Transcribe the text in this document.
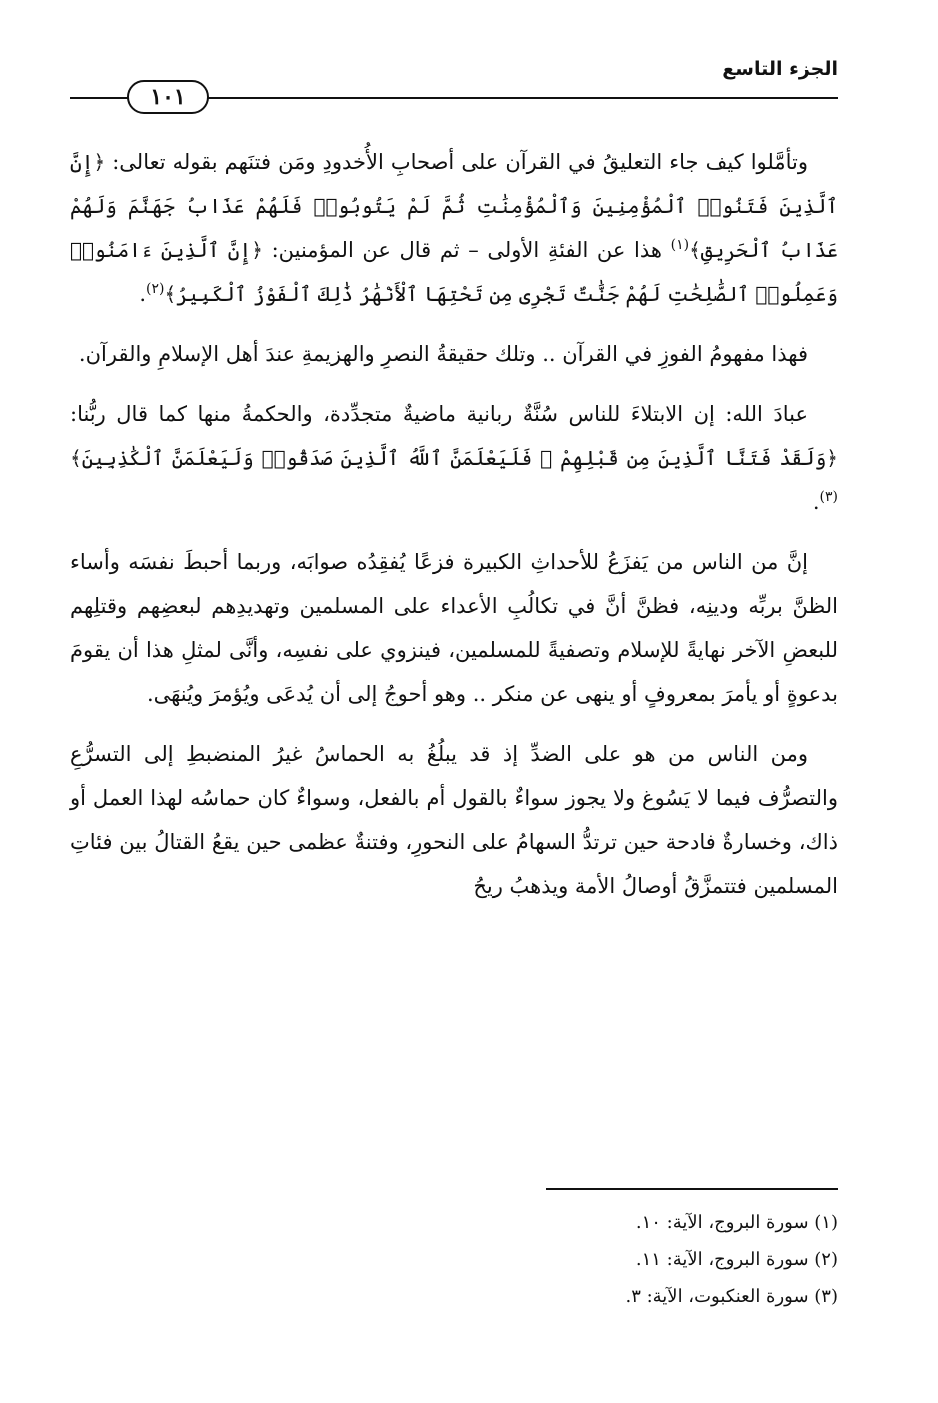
الجزء التاسع
١٠١

وتأمَّلوا كيف جاء التعليقُ في القرآن على أصحابِ الأُخدودِ ومَن فتنَهم بقوله تعالى: ﴿إِنَّ ٱلَّذِينَ فَتَنُوا۟ ٱلْمُؤْمِنِينَ وَٱلْمُؤْمِنَٰتِ ثُمَّ لَمْ يَتُوبُوا۟ فَلَهُمْ عَذَابُ جَهَنَّمَ وَلَهُمْ عَذَابُ ٱلْحَرِيقِ﴾$^{(١)}$ هذا عن الفئةِ الأولى – ثم قال عن المؤمنين: ﴿إِنَّ ٱلَّذِينَ ءَامَنُوا۟ وَعَمِلُوا۟ ٱلصَّٰلِحَٰتِ لَهُمْ جَنَّٰتٌ تَجْرِى مِن تَحْتِهَا ٱلْأَنْهَٰرُ ذَٰلِكَ ٱلْفَوْزُ ٱلْكَبِيرُ﴾$^{(٢)}$.

فهذا مفهومُ الفوزِ في القرآن .. وتلك حقيقةُ النصرِ والهزيمةِ عندَ أهل الإسلامِ والقرآن.

عبادَ الله: إن الابتلاءَ للناس سُنَّةٌ ربانية ماضيةٌ متجدِّدة، والحكمةُ منها كما قال ربُّنا: ﴿وَلَقَدْ فَتَنَّا ٱلَّذِينَ مِن قَبْلِهِمْ ۖ فَلَيَعْلَمَنَّ ٱللَّهُ ٱلَّذِينَ صَدَقُوا۟ وَلَيَعْلَمَنَّ ٱلْكَٰذِبِينَ﴾$^{(٣)}$.

إنَّ من الناس من يَفزَعُ للأحداثِ الكبيرة فزعًا يُفقِدُه صوابَه، وربما أحبطَ نفسَه وأساء الظنَّ بربِّه ودينِه، فظنَّ أنَّ في تكالُبِ الأعداء على المسلمين وتهديدِهم لبعضِهم وقتلِهم للبعضِ الآخر نهايةً للإسلام وتصفيةً للمسلمين، فينزوي على نفسِه، وأنَّى لمثلِ هذا أن يقومَ بدعوةٍ أو يأمرَ بمعروفٍ أو ينهى عن منكر .. وهو أحوجُ إلى أن يُدعَى ويُؤمرَ ويُنهَى.

ومن الناس من هو على الضدِّ إذ قد يبلُغُ به الحماسُ غيرُ المنضبطِ إلى التسرُّعِ والتصرُّف فيما لا يَسُوغ ولا يجوز سواءٌ بالقول أم بالفعل، وسواءٌ كان حماسُه لهذا العمل أو ذاك، وخسارةٌ فادحة حين ترتدُّ السهامُ على النحورِ، وفتنةٌ عظمى حين يقعُ القتالُ بين فئاتِ المسلمين فتتمزَّقُ أوصالُ الأمة ويذهبُ ريحُ

(١) سورة البروج، الآية: ١٠.

(٢) سورة البروج، الآية: ١١.

(٣) سورة العنكبوت، الآية: ٣.
